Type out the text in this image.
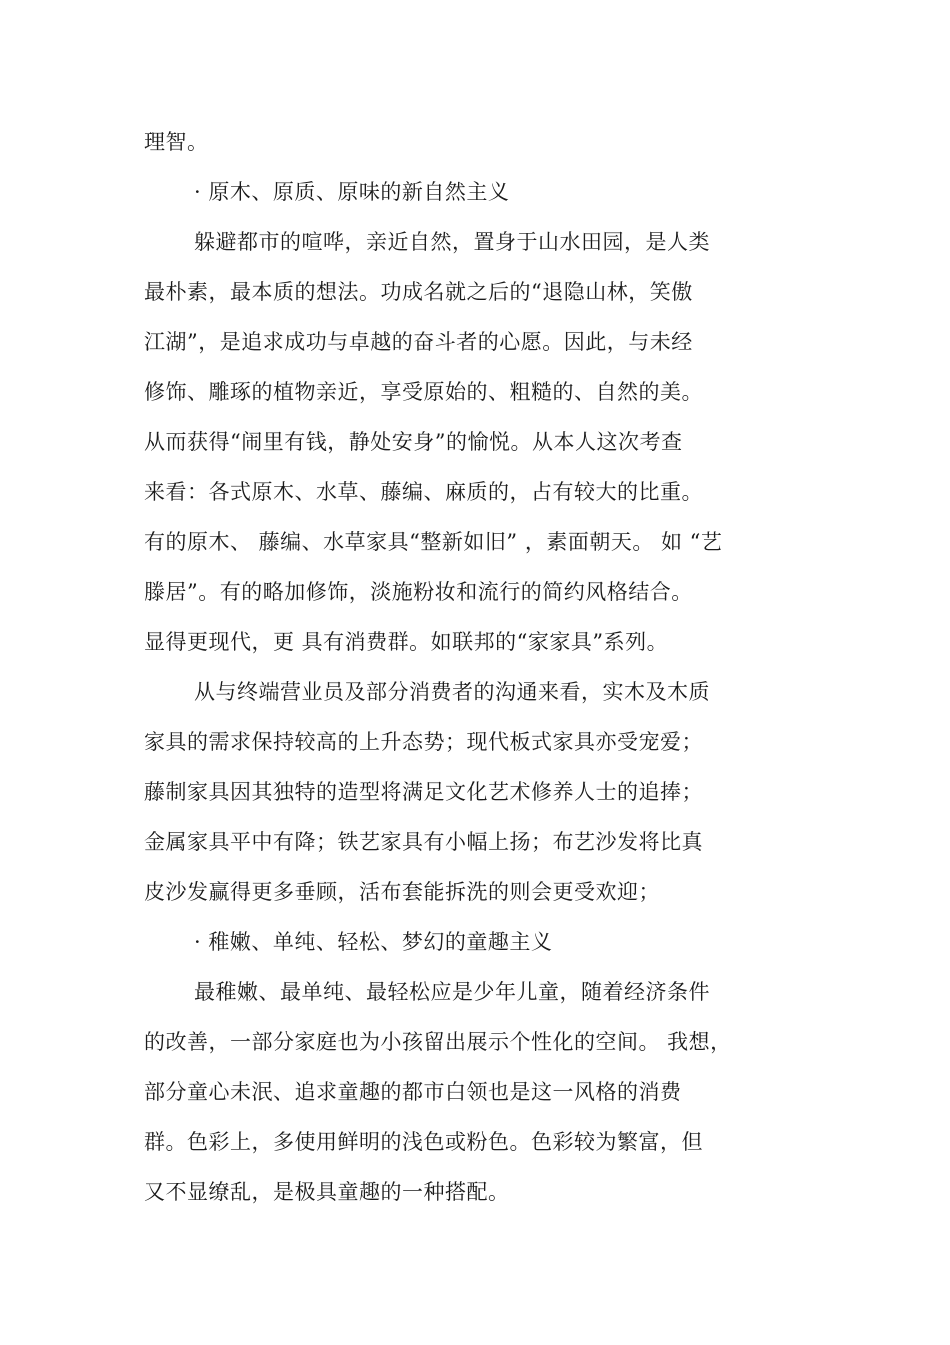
理智。

· 原木、原质、原味的新自然主义

躲避都市的喧哗，亲近自然，置身于山水田园，是人类

最朴素，最本质的想法。功成名就之后的“退隐山林，笑傲

江湖”，是追求成功与卓越的奋斗者的心愿。因此，与未经

修饰、雕琢的植物亲近，享受原始的、粗糙的、自然的美。

从而获得“闹里有钱，静处安身”的愉悦。从本人这次考查

来看：各式原木、水草、藤编、麻质的，占有较大的比重。

有的原木、 藤编、水草家具“整新如旧” ，素面朝天。 如 “艺

滕居”。有的略加修饰，淡施粉妆和流行的简约风格结合。

显得更现代，更 具有消费群。如联邦的“家家具”系列。

从与终端营业员及部分消费者的沟通来看，实木及木质

家具的需求保持较高的上升态势；现代板式家具亦受宠爱；

藤制家具因其独特的造型将满足文化艺术修养人士的追捧；

金属家具平中有降；铁艺家具有小幅上扬；布艺沙发将比真

皮沙发赢得更多垂顾，活布套能拆洗的则会更受欢迎；

· 稚嫩、单纯、轻松、梦幻的童趣主义

最稚嫩、最单纯、最轻松应是少年儿童，随着经济条件

的改善，一部分家庭也为小孩留出展示个性化的空间。 我想，

部分童心未泯、追求童趣的都市白领也是这一风格的消费

群。色彩上，多使用鲜明的浅色或粉色。色彩较为繁富，但

又不显缭乱，是极具童趣的一种搭配。
